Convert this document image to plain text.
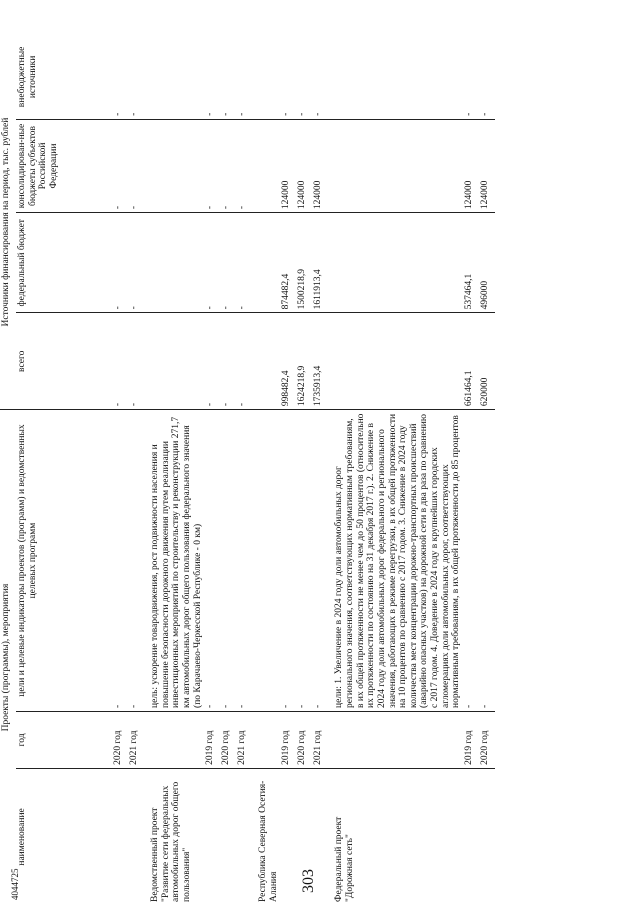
303
4044725
Проекты (программы), мероприятия			Источники финансирования на период, тыс. рублей			
наименование	год	цели и целевые индикаторы проектов (программ) и ведомственных целевых программ	всего	федеральный бюджет	консолидирован-ные бюджеты субъектов Российской Федерации	внебюджетные источники
	2020 год	-	-	-	-	-
	2021 год	-	-	-	-	-
Ведомственный проект "Развитие сети федеральных автомобильных дорог общего пользования"		цель: ускорение товародвижения, рост подвижности населения и повышение безопасности дорожного движения путем реализации инвестиционных мероприятий по строительству и реконструкции 271,7 км автомобильных дорог общего пользования федерального значения (по Карачаево-Черкесской Республике - 0 км)				
	2019 год	-	-	-	-	-
	2020 год	-	-	-	-	-
	2021 год	-	-	-	-	-
Республика Северная Осетия-Алания						
	2019 год	-	998482,4	874482,4	124000	-
	2020 год	-	1624218,9	1500218,9	124000	-
	2021 год	-	1735913,4	1611913,4	124000	-
Федеральный проект "Дорожная сеть"		цели: 1. Увеличение в 2024 году доли автомобильных дорог регионального значения, соответствующих нормативным требованиям, в их общей протяженности не менее чем до 50 процентов (относительно их протяженности по состоянию на 31 декабря 2017 г.). 2. Снижение в 2024 году доли автомобильных дорог федерального и регионального значения, работающих в режиме перегрузки, в их общей протяженности на 10 процентов по сравнению с 2017 годом. 3. Снижение в 2024 году количества мест концентрации дорожно-транспортных происшествий (аварийно опасных участков) на дорожной сети в два раза по сравнению с 2017 годом. 4. Доведение в 2024 году в крупнейших городских агломерациях доли автомобильных дорог, соответствующих нормативным требованиям, в их общей протяженности до 85 процентов				
	2019 год	-	661464,1	537464,1	124000	-
	2020 год	-	620000	496000	124000	-
